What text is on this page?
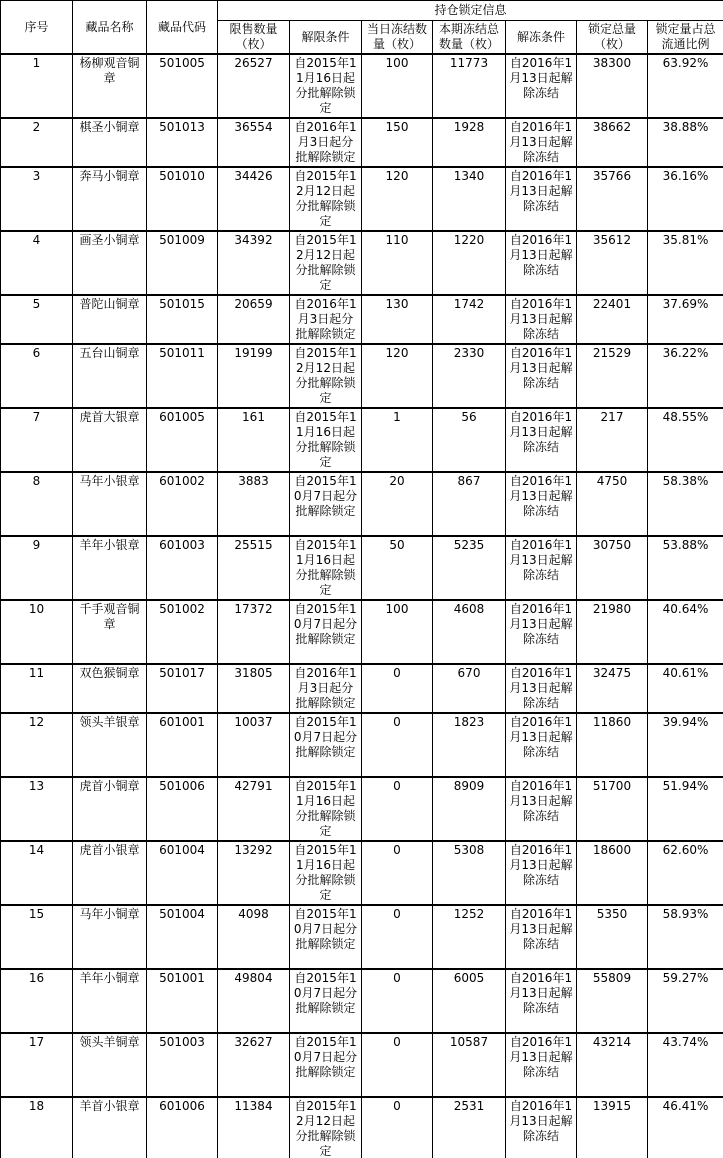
序号	藏品名称	藏品代码	持仓锁定信息						
			限售数量（枚）	解限条件	当日冻结数量（枚）	本期冻结总数量（枚）	解冻条件	锁定总量（枚）	锁定量占总流通比例
1	杨柳观音铜章	501005	26527	自2015年11月16日起分批解除锁定	100	11773	自2016年1月13日起解除冻结	38300	63.92%
2	棋圣小铜章	501013	36554	自2016年1月3日起分批解除锁定	150	1928	自2016年1月13日起解除冻结	38662	38.88%
3	奔马小铜章	501010	34426	自2015年12月12日起分批解除锁定	120	1340	自2016年1月13日起解除冻结	35766	36.16%
4	画圣小铜章	501009	34392	自2015年12月12日起分批解除锁定	110	1220	自2016年1月13日起解除冻结	35612	35.81%
5	普陀山铜章	501015	20659	自2016年1月3日起分批解除锁定	130	1742	自2016年1月13日起解除冻结	22401	37.69%
6	五台山铜章	501011	19199	自2015年12月12日起分批解除锁定	120	2330	自2016年1月13日起解除冻结	21529	36.22%
7	虎首大银章	601005	161	自2015年11月16日起分批解除锁定	1	56	自2016年1月13日起解除冻结	217	48.55%
8	马年小银章	601002	3883	自2015年10月7日起分批解除锁定	20	867	自2016年1月13日起解除冻结	4750	58.38%
9	羊年小银章	601003	25515	自2015年11月16日起分批解除锁定	50	5235	自2016年1月13日起解除冻结	30750	53.88%
10	千手观音铜章	501002	17372	自2015年10月7日起分批解除锁定	100	4608	自2016年1月13日起解除冻结	21980	40.64%
11	双色猴铜章	501017	31805	自2016年1月3日起分批解除锁定	0	670	自2016年1月13日起解除冻结	32475	40.61%
12	领头羊银章	601001	10037	自2015年10月7日起分批解除锁定	0	1823	自2016年1月13日起解除冻结	11860	39.94%
13	虎首小铜章	501006	42791	自2015年11月16日起分批解除锁定	0	8909	自2016年1月13日起解除冻结	51700	51.94%
14	虎首小银章	601004	13292	自2015年11月16日起分批解除锁定	0	5308	自2016年1月13日起解除冻结	18600	62.60%
15	马年小铜章	501004	4098	自2015年10月7日起分批解除锁定	0	1252	自2016年1月13日起解除冻结	5350	58.93%
16	羊年小铜章	501001	49804	自2015年10月7日起分批解除锁定	0	6005	自2016年1月13日起解除冻结	55809	59.27%
17	领头羊铜章	501003	32627	自2015年10月7日起分批解除锁定	0	10587	自2016年1月13日起解除冻结	43214	43.74%
18	羊首小银章	601006	11384	自2015年12月12日起分批解除锁定	0	2531	自2016年1月13日起解除冻结	13915	46.41%
